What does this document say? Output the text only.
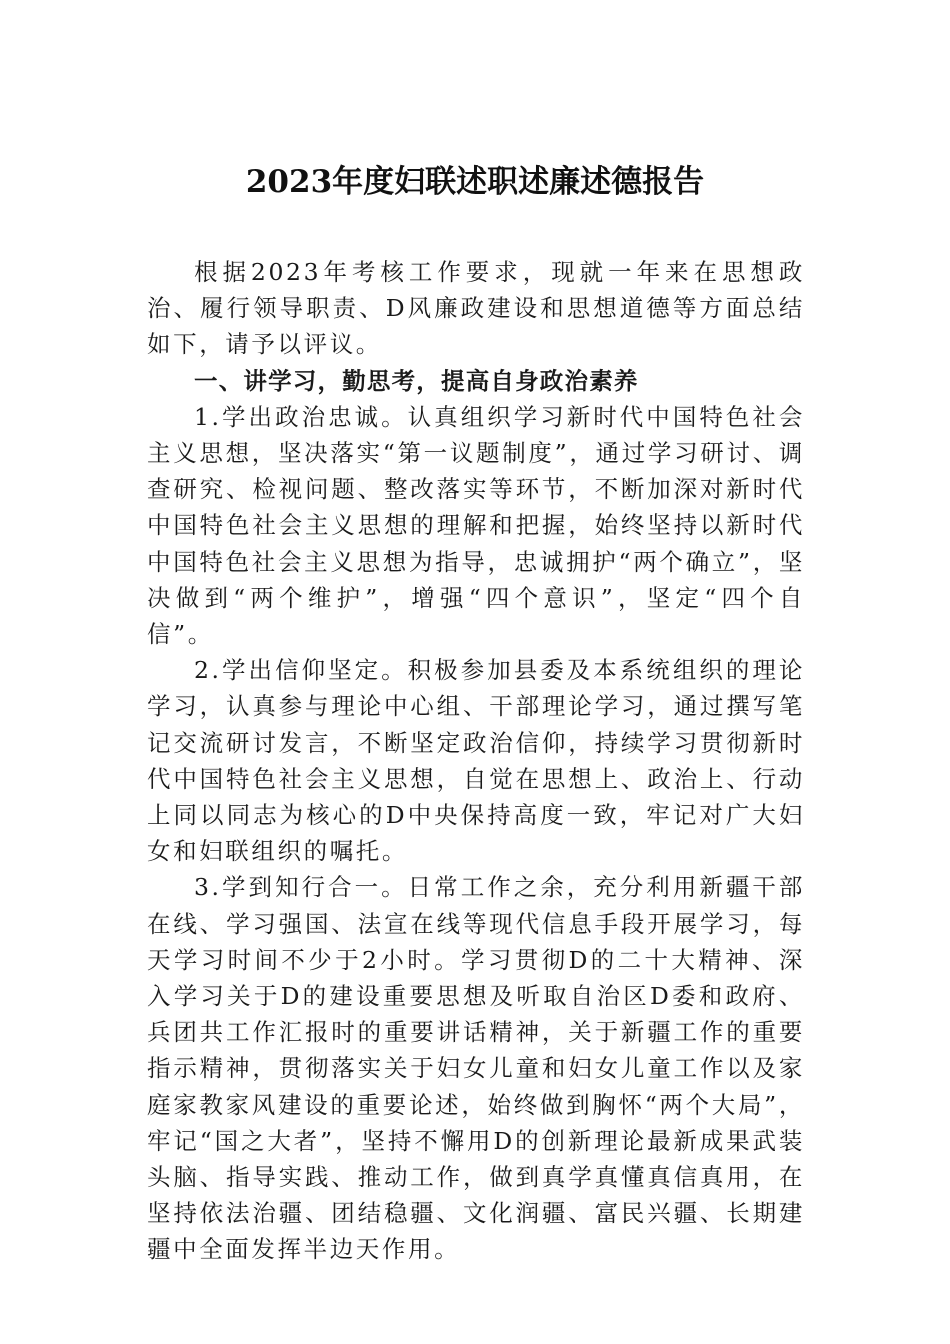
2023年度妇联述职述廉述德报告

根据2023年考核工作要求，现就一年来在思想政治、履行领导职责、D风廉政建设和思想道德等方面总结如下，请予以评议。

一、讲学习，勤思考，提高自身政治素养

1.学出政治忠诚。认真组织学习新时代中国特色社会主义思想，坚决落实“第一议题制度”，通过学习研讨、调查研究、检视问题、整改落实等环节，不断加深对新时代中国特色社会主义思想的理解和把握，始终坚持以新时代中国特色社会主义思想为指导，忠诚拥护“两个确立”，坚决做到“两个维护”，增强“四个意识”，坚定“四个自信”。

2.学出信仰坚定。积极参加县委及本系统组织的理论学习，认真参与理论中心组、干部理论学习，通过撰写笔记交流研讨发言，不断坚定政治信仰，持续学习贯彻新时代中国特色社会主义思想，自觉在思想上、政治上、行动上同以同志为核心的D中央保持高度一致，牢记对广大妇女和妇联组织的嘱托。

3.学到知行合一。日常工作之余，充分利用新疆干部在线、学习强国、法宣在线等现代信息手段开展学习，每天学习时间不少于2小时。学习贯彻D的二十大精神、深入学习关于D的建设重要思想及听取自治区D委和政府、兵团共工作汇报时的重要讲话精神，关于新疆工作的重要指示精神，贯彻落实关于妇女儿童和妇女儿童工作以及家庭家教家风建设的重要论述，始终做到胸怀“两个大局”，牢记“国之大者”，坚持不懈用D的创新理论最新成果武装头脑、指导实践、推动工作，做到真学真懂真信真用，在坚持依法治疆、团结稳疆、文化润疆、富民兴疆、长期建疆中全面发挥半边天作用。
